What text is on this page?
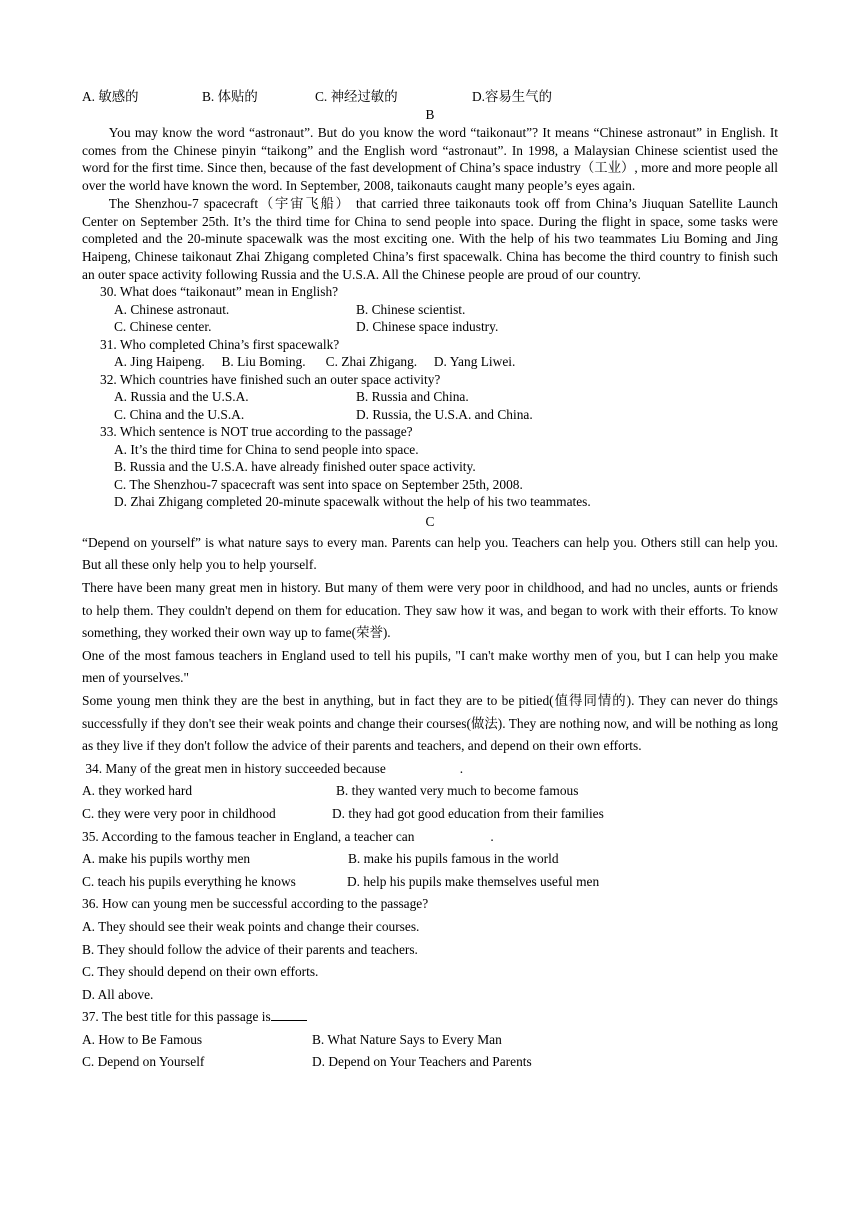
A. 敏感的	B. 体贴的	C. 神经过敏的	D.容易生气的
B

You may know the word “astronaut”. But do you know the word “taikonaut”? It means “Chinese astronaut” in English. It comes from the Chinese pinyin “taikong” and the English word “astronaut”. In 1998, a Malaysian Chinese scientist used the word for the first time. Since then, because of the fast development of China’s space industry（工业）, more and more people all over the world have known the word. In September, 2008, taikonauts caught many people’s eyes again.

The Shenzhou-7 spacecraft（宇宙飞船） that carried three taikonauts took off from China’s Jiuquan Satellite Launch Center on September 25th. It’s the third time for China to send people into space. During the flight in space, some tasks were completed and the 20-minute spacewalk was the most exciting one. With the help of his two teammates Liu Boming and Jing Haipeng, Chinese taikonaut Zhai Zhigang completed China’s first spacewalk. China has become the third country to finish such an outer space activity following Russia and the U.S.A. All the Chinese people are proud of our country.

30. What does “taikonaut” mean in English?
A. Chinese astronaut.	B. Chinese scientist.
C. Chinese center.	D. Chinese space industry.
31. Who completed China’s first spacewalk?
A. Jing Haipeng.     B. Liu Boming.      C. Zhai Zhigang.     D. Yang Liwei.
32. Which countries have finished such an outer space activity?
A. Russia and the U.S.A.	B. Russia and China.
C. China and the U.S.A.	D. Russia, the U.S.A. and China.
33. Which sentence is NOT true according to the passage?
A. It’s the third time for China to send people into space.
B. Russia and the U.S.A. have already finished outer space activity.
C. The Shenzhou-7 spacecraft was sent into space on September 25th, 2008.
D. Zhai Zhigang completed 20-minute spacewalk without the help of his two teammates.
C

“Depend on yourself” is what nature says to every man. Parents can help you. Teachers can help you. Others still can help you. But all these only help you to help yourself.

There have been many great men in history. But many of them were very poor in childhood, and had no uncles, aunts or friends to help them. They couldn't depend on them for education. They saw how it was, and began to work with their efforts. To know something, they worked their own way up to fame(荣誉).

One of the most famous teachers in England used to tell his pupils, "I can't make worthy men of you, but I can help you make men of yourselves."

Some young men think they are the best in anything, but in fact they are to be pitied(值得同情的). They can never do things successfully if they don't see their weak points and change their courses(做法). They are nothing now, and will be nothing as long as they live if they don't follow the advice of their parents and teachers, and depend on their own efforts.

34. Many of the great men in history succeeded because	.
A. they worked hard	B. they wanted very much to become famous
C. they were very poor in childhood	D. they had got good education from their families
35. According to the famous teacher in England, a teacher can	.
A. make his pupils worthy men	B. make his pupils famous in the world
C. teach his pupils everything he knows	D. help his pupils make themselves useful men
36. How can young men be successful according to the passage?
A. They should see their weak points and change their courses.
B. They should follow the advice of their parents and teachers.
C. They should depend on their own efforts.
D. All above.
37. The best title for this passage is
A. How to Be Famous	B. What Nature Says to Every Man
C. Depend on Yourself	D. Depend on Your Teachers and Parents
